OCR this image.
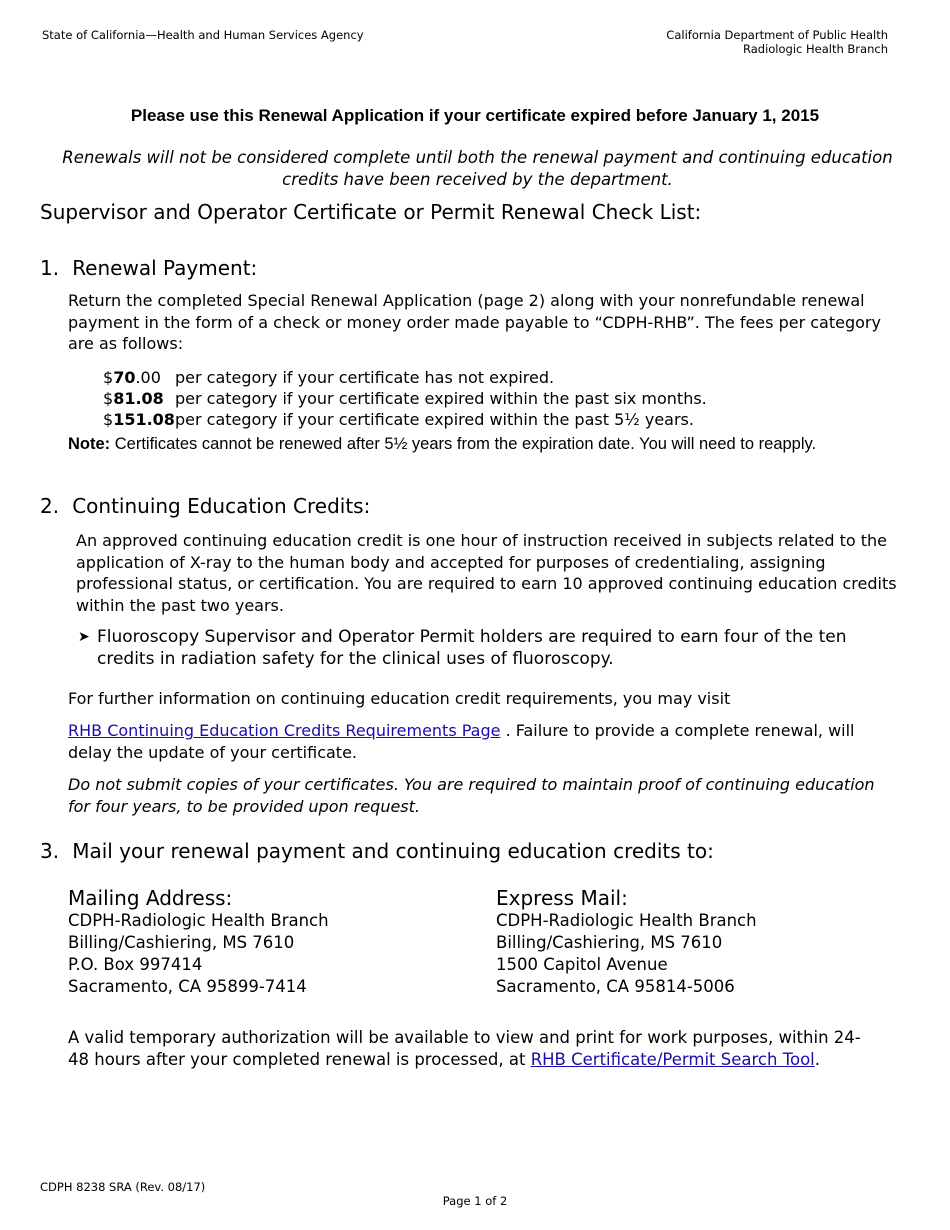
State of California—Health and Human Services Agency	California Department of Public Health
Radiologic Health Branch
Please use this Renewal Application if your certificate expired before January 1, 2015
Renewals will not be considered complete until both the renewal payment and continuing education credits have been received by the department.
Supervisor and Operator Certificate or Permit Renewal Check List:
1. Renewal Payment:
Return the completed Special Renewal Application (page 2) along with your nonrefundable renewal payment in the form of a check or money order made payable to “CDPH-RHB”. The fees per category are as follows:
$70.00 per category if your certificate has not expired.
$81.08 per category if your certificate expired within the past six months.
$151.08per category if your certificate expired within the past 5½ years.
Note: Certificates cannot be renewed after 5½ years from the expiration date. You will need to reapply.
2. Continuing Education Credits:
An approved continuing education credit is one hour of instruction received in subjects related to the application of X-ray to the human body and accepted for purposes of credentialing, assigning professional status, or certification. You are required to earn 10 approved continuing education credits within the past two years.
➤ Fluoroscopy Supervisor and Operator Permit holders are required to earn four of the ten credits in radiation safety for the clinical uses of fluoroscopy.
For further information on continuing education credit requirements, you may visit
RHB Continuing Education Credits Requirements Page . Failure to provide a complete renewal, will delay the update of your certificate.
Do not submit copies of your certificates. You are required to maintain proof of continuing education for four years, to be provided upon request.
3. Mail your renewal payment and continuing education credits to:
Mailing Address:
CDPH-Radiologic Health Branch
Billing/Cashiering, MS 7610
P.O. Box 997414
Sacramento, CA 95899-7414
Express Mail:
CDPH-Radiologic Health Branch
Billing/Cashiering, MS 7610
1500 Capitol Avenue
Sacramento, CA 95814-5006
A valid temporary authorization will be available to view and print for work purposes, within 24-48 hours after your completed renewal is processed, at RHB Certificate/Permit Search Tool.
CDPH 8238 SRA (Rev. 08/17)
Page 1 of 2
